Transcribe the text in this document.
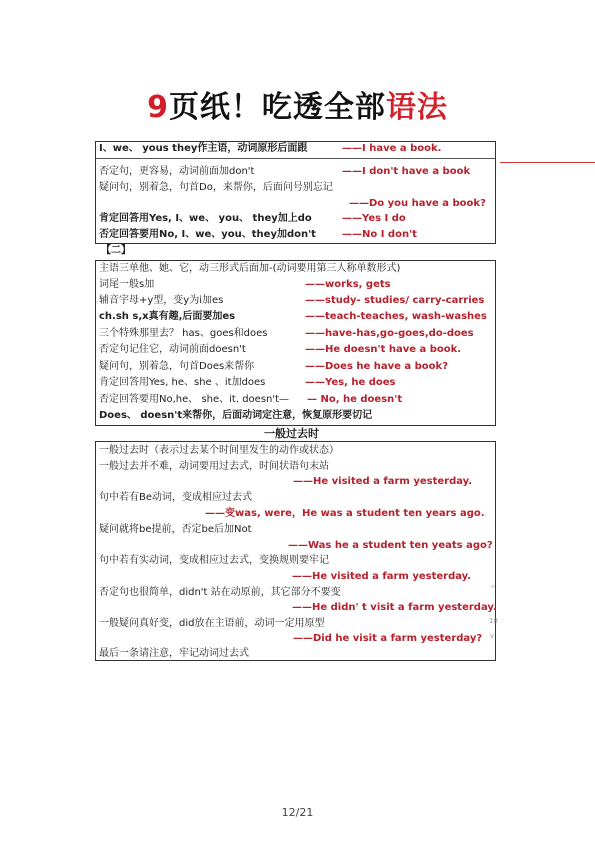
9页纸！吃透全部语法
I、we、 yous they作主语，动词原形后面跟	——I have a book.
否定句，更容易，动词前面加don't	——I don't have a book
疑问句，别着急，句首Do，来帮你，后面问号别忘记
——Do you have a book?
肯定回答用Yes, I、we、 you、 they加上do	——Yes I do
否定回答要用No, I、we、you、they加don't	——No I don't
【二】
主语三单他、她、它，动三形式后面加-(动词要用第三人称单数形式)
词尾一般s加	——works, gets
辅音宇母+y型，变y为i加es	——study- studies/ carry-carries
ch.sh s,x真有趣,后面要加es	——teach-teaches, wash-washes
三个特殊那里去？ has、goes和does	——have-has,go-goes,do-does
否定句记住它，动词前面doesn't	——He doesn't have a book.
疑问句，别着急，句首Does来帮你	——Does he have a book?
肯定回答用Yes, he、she 、it加does	——Yes, he does
否定回答要用No,he、 she、it. doesn't— — No, he doesn't
Does、 doesn't来帮你，后面动词定注意，恢复原形要切记
一般过去时
一般过去时（表示过去某个时间里发生的动作或状态）
一般过去并不难，动词要用过去式，时间状语句末站
——He visited a farm yesterday.
句中若有Be动词，变成相应过去式
——变was, were，He was a student ten years ago.
疑问就将be提前，否定be后加Not
——Was he a student ten yeats ago?
句中若有实动词，变成相应过去式，变换规则要牢记
——He visited a farm yesterday.
否定句也很简单，didn't 站在动原前，其它部分不要变
——He didn' t visit a farm yesterday.
一般疑问真好变，did放在主语前，动词一定用原型
——Did he visit a farm yesterday?
最后一条请注意，牢记动词过去式
^
18
v
12/21
